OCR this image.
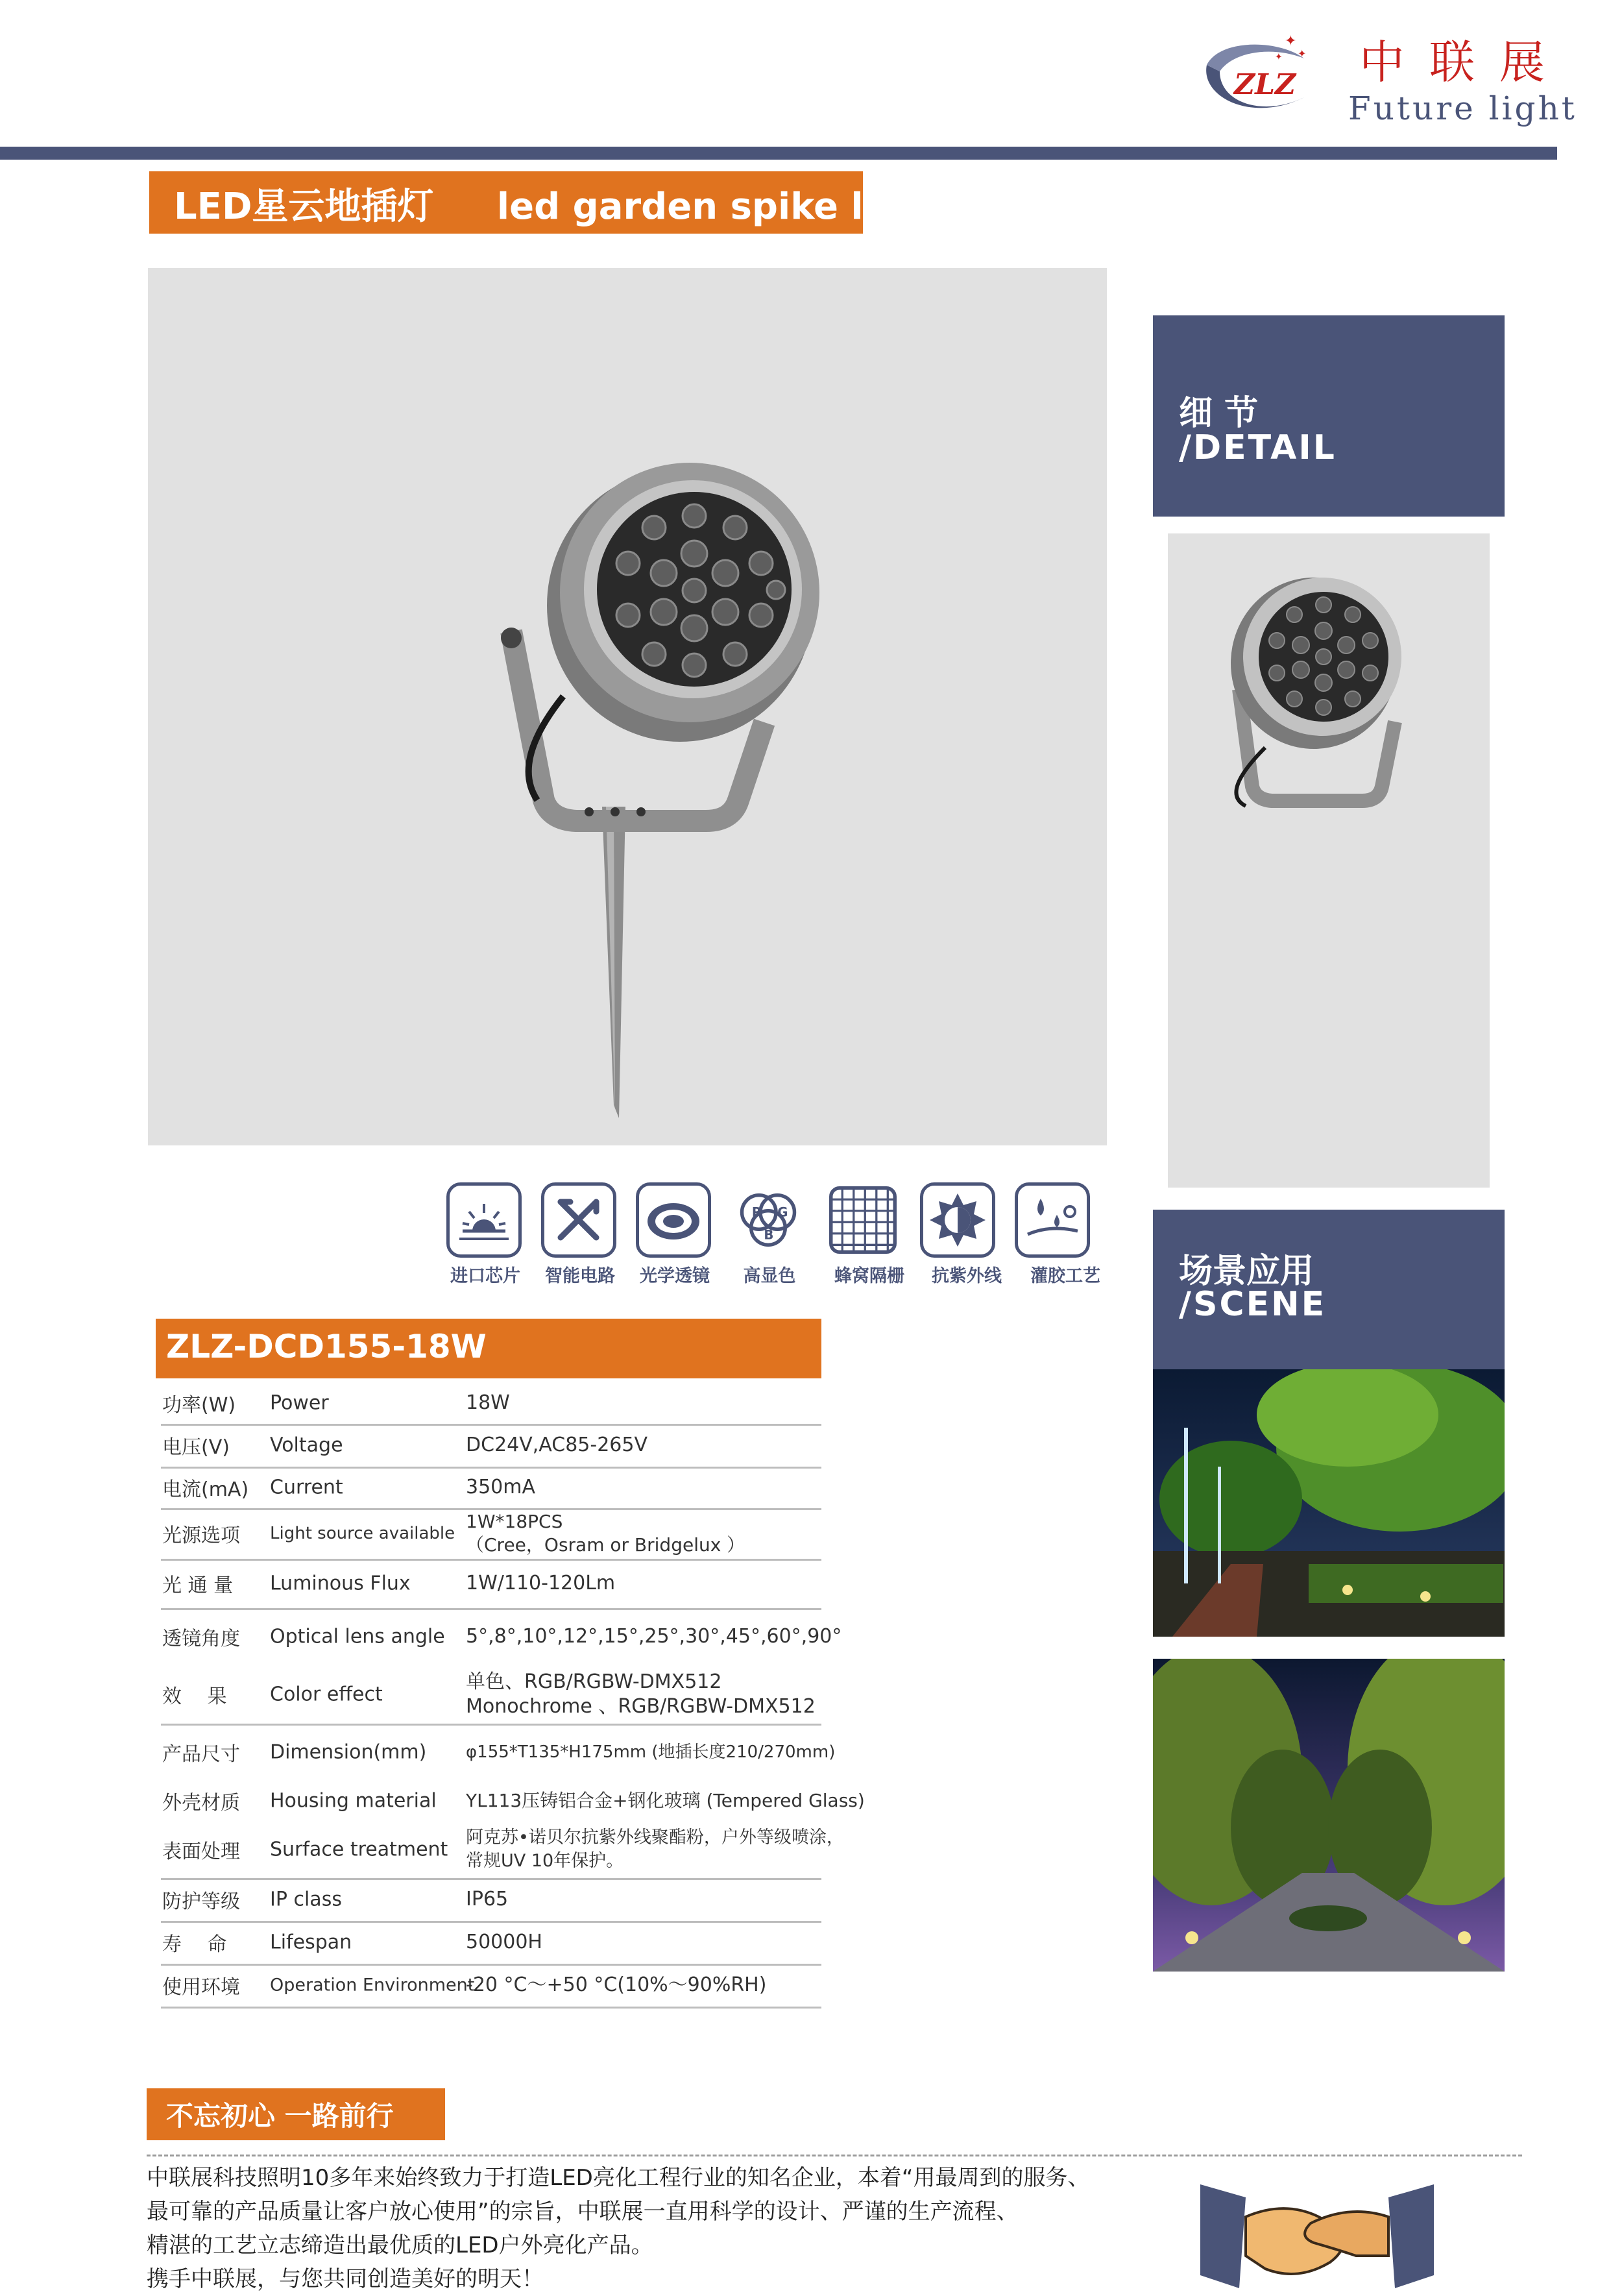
ZLZ
✦
✦
✦ 中联展
Future light
LED星云地插灯 led garden spike light
细 节
/DETAIL
场景应用
/SCENE
R G
B
进口芯片	智能电路	光学透镜	高显色	蜂窝隔栅	抗紫外线	灌胶工艺
ZLZ-DCD155-18W
功率(W) Power	18W
电压(V) Voltage	DC24V,AC85-265V
电流(mA) Current	350mA
光源选项 Light source available
1W*18PCS
（Cree，Osram or Bridgelux ）
光 通 量 Luminous Flux	1W/110-120Lm
透镜角度 Optical lens angle 5°,8°,10°,12°,15°,25°,30°,45°,60°,90°
效　 果 Color effect
单色、RGB/RGBW-DMX512
Monochrome 、RGB/RGBW-DMX512
产品尺寸 Dimension(mm) φ155*T135*H175mm (地插长度210/270mm)
外壳材质 Housing material YL113压铸铝合金+钢化玻璃 (Tempered Glass)
表面处理 Surface treatment
阿克苏•诺贝尔抗紫外线聚酯粉，户外等级喷涂，
常规UV 10年保护。
防护等级 IP class	IP65
寿　 命 Lifespan	50000H
使用环境 Operation Environment
-20 °C～+50 °C(10%～90%RH)
不忘初心 一路前行
中联展科技照明10多年来始终致力于打造LED亮化工程行业的知名企业，本着“用最周到的服务、
最可靠的产品质量让客户放心使用”的宗旨，中联展一直用科学的设计、严谨的生产流程、
精湛的工艺立志缔造出最优质的LED户外亮化产品。
携手中联展，与您共同创造美好的明天！
